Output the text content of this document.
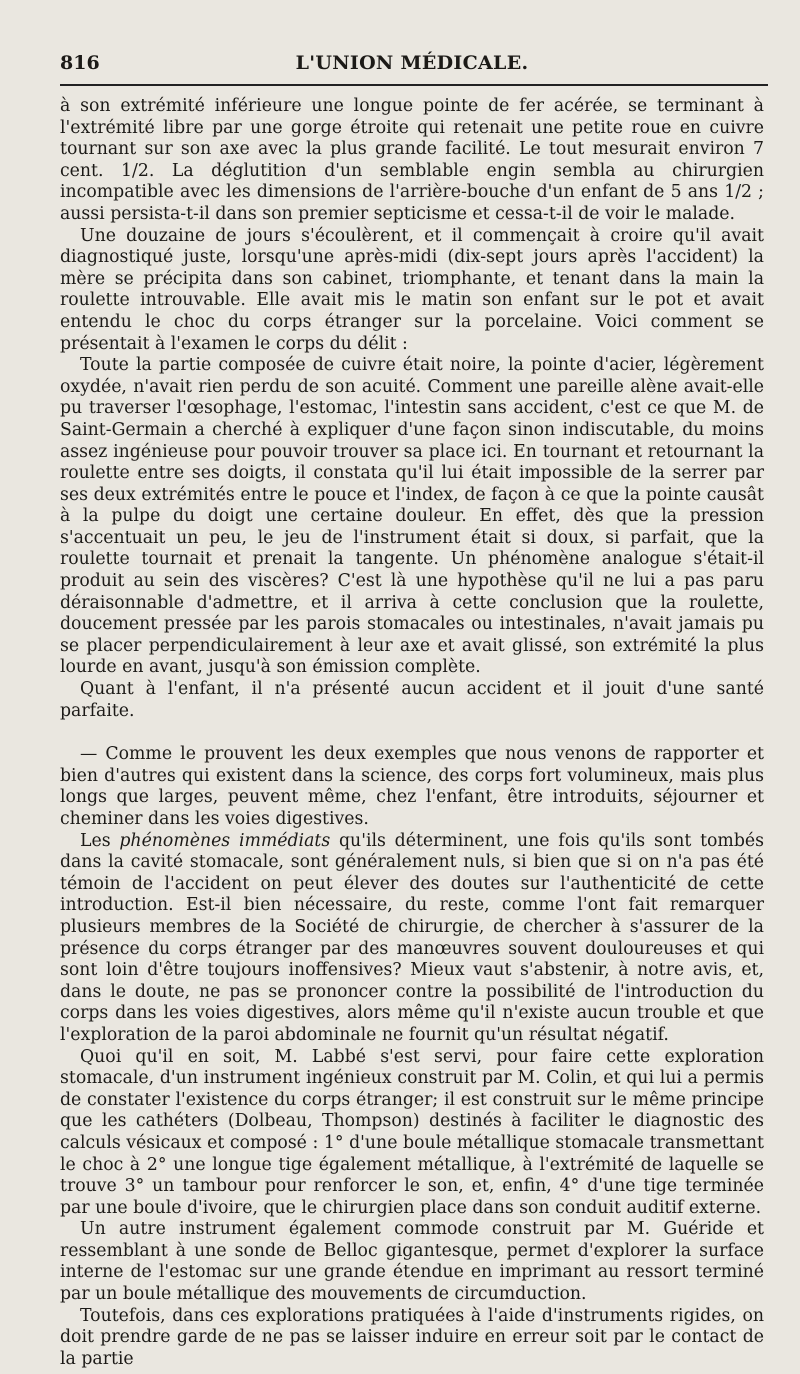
816	L'UNION MÉDICALE.

à son extrémité inférieure une longue pointe de fer acérée, se terminant à l'extrémité libre par une gorge étroite qui retenait une petite roue en cuivre tournant sur son axe avec la plus grande facilité. Le tout mesurait environ 7 cent. 1/2. La déglutition d'un semblable engin sembla au chirurgien incompatible avec les dimensions de l'arrière-bouche d'un enfant de 5 ans 1/2 ; aussi persista-t-il dans son premier septicisme et cessa-t-il de voir le malade.

Une douzaine de jours s'écoulèrent, et il commençait à croire qu'il avait diagnostiqué juste, lorsqu'une après-midi (dix-sept jours après l'accident) la mère se précipita dans son cabinet, triomphante, et tenant dans la main la roulette introuvable. Elle avait mis le matin son enfant sur le pot et avait entendu le choc du corps étranger sur la porcelaine. Voici comment se présentait à l'examen le corps du délit :

Toute la partie composée de cuivre était noire, la pointe d'acier, légèrement oxydée, n'avait rien perdu de son acuité. Comment une pareille alène avait-elle pu traverser l'œsophage, l'estomac, l'intestin sans accident, c'est ce que M. de Saint-Germain a cherché à expliquer d'une façon sinon indiscutable, du moins assez ingénieuse pour pouvoir trouver sa place ici. En tournant et retournant la roulette entre ses doigts, il constata qu'il lui était impossible de la serrer par ses deux extrémités entre le pouce et l'index, de façon à ce que la pointe causât à la pulpe du doigt une certaine douleur. En effet, dès que la pression s'accentuait un peu, le jeu de l'instrument était si doux, si parfait, que la roulette tournait et prenait la tangente. Un phénomène analogue s'était-il produit au sein des viscères? C'est là une hypothèse qu'il ne lui a pas paru déraisonnable d'admettre, et il arriva à cette conclusion que la roulette, doucement pressée par les parois stomacales ou intestinales, n'avait jamais pu se placer perpendiculairement à leur axe et avait glissé, son extrémité la plus lourde en avant, jusqu'à son émission complète.

Quant à l'enfant, il n'a présenté aucun accident et il jouit d'une santé parfaite.

— Comme le prouvent les deux exemples que nous venons de rapporter et bien d'autres qui existent dans la science, des corps fort volumineux, mais plus longs que larges, peuvent même, chez l'enfant, être introduits, séjourner et cheminer dans les voies digestives.

Les phénomènes immédiats qu'ils déterminent, une fois qu'ils sont tombés dans la cavité stomacale, sont généralement nuls, si bien que si on n'a pas été témoin de l'accident on peut élever des doutes sur l'authenticité de cette introduction. Est-il bien nécessaire, du reste, comme l'ont fait remarquer plusieurs membres de la Société de chirurgie, de chercher à s'assurer de la présence du corps étranger par des manœuvres souvent douloureuses et qui sont loin d'être toujours inoffensives? Mieux vaut s'abstenir, à notre avis, et, dans le doute, ne pas se prononcer contre la possibilité de l'introduction du corps dans les voies digestives, alors même qu'il n'existe aucun trouble et que l'exploration de la paroi abdominale ne fournit qu'un résultat négatif.

Quoi qu'il en soit, M. Labbé s'est servi, pour faire cette exploration stomacale, d'un instrument ingénieux construit par M. Colin, et qui lui a permis de constater l'existence du corps étranger; il est construit sur le même principe que les cathéters (Dolbeau, Thompson) destinés à faciliter le diagnostic des calculs vésicaux et composé : 1° d'une boule métallique stomacale transmettant le choc à 2° une longue tige également métallique, à l'extrémité de laquelle se trouve 3° un tambour pour renforcer le son, et, enfin, 4° d'une tige terminée par une boule d'ivoire, que le chirurgien place dans son conduit auditif externe.

Un autre instrument également commode construit par M. Guéride et ressemblant à une sonde de Belloc gigantesque, permet d'explorer la surface interne de l'estomac sur une grande étendue en imprimant au ressort terminé par un boule métallique des mouvements de circumduction.

Toutefois, dans ces explorations pratiquées à l'aide d'instruments rigides, on doit prendre garde de ne pas se laisser induire en erreur soit par le contact de la partie
